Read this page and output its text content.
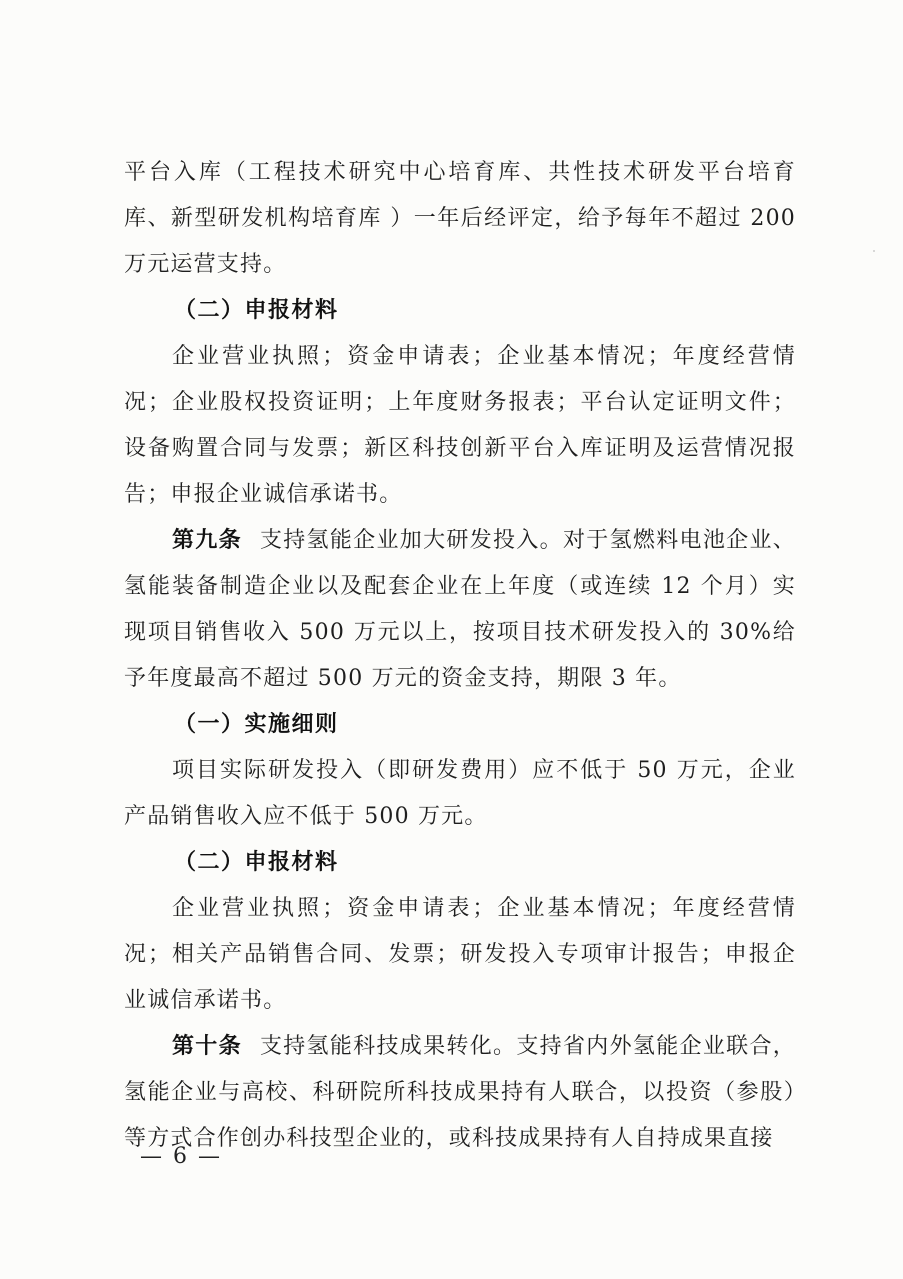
平台入库（工程技术研究中心培育库、共性技术研发平台培育库、新型研发机构培育库 ）一年后经评定，给予每年不超过 200 万元运营支持。

（二）申报材料

企业营业执照；资金申请表；企业基本情况；年度经营情况；企业股权投资证明；上年度财务报表；平台认定证明文件；设备购置合同与发票；新区科技创新平台入库证明及运营情况报告；申报企业诚信承诺书。

第九条 支持氢能企业加大研发投入。对于氢燃料电池企业、氢能装备制造企业以及配套企业在上年度（或连续 12 个月）实现项目销售收入 500 万元以上，按项目技术研发投入的 30%给予年度最高不超过 500 万元的资金支持，期限 3 年。

（一）实施细则

项目实际研发投入（即研发费用）应不低于 50 万元，企业产品销售收入应不低于 500 万元。

（二）申报材料

企业营业执照；资金申请表；企业基本情况；年度经营情况；相关产品销售合同、发票；研发投入专项审计报告；申报企业诚信承诺书。

第十条 支持氢能科技成果转化。支持省内外氢能企业联合，氢能企业与高校、科研院所科技成果持有人联合，以投资（参股）等方式合作创办科技型企业的，或科技成果持有人自持成果直接

— 6 —
